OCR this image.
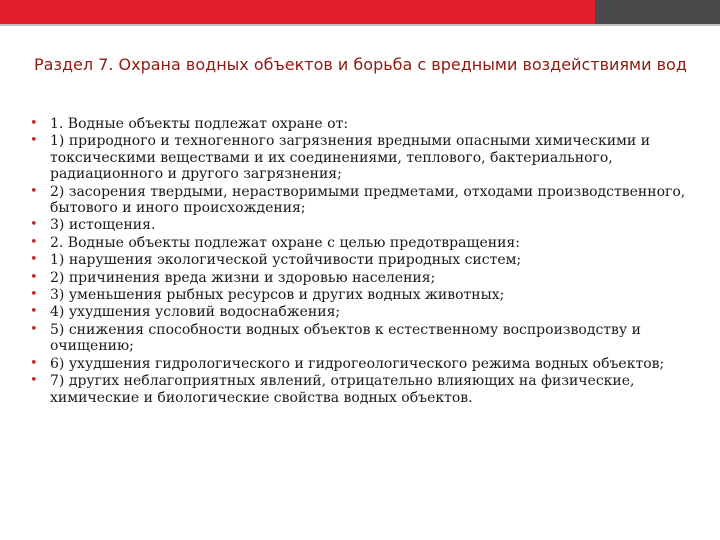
Раздел 7. Охрана водных объектов и борьба с вредными воздействиями вод
• 1. Водные объекты подлежат охране от:
• 1) природного и техногенного загрязнения вредными опасными химическими и токсическими веществами и их соединениями, теплового, бактериального, радиационного и другого загрязнения;
• 2) засорения твердыми, нерастворимыми предметами, отходами производственного, бытового и иного происхождения;
• 3) истощения.
• 2. Водные объекты подлежат охране с целью предотвращения:
• 1) нарушения экологической устойчивости природных систем;
• 2) причинения вреда жизни и здоровью населения;
• 3) уменьшения рыбных ресурсов и других водных животных;
• 4) ухудшения условий водоснабжения;
• 5) снижения способности водных объектов к естественному воспроизводству и очищению;
• 6) ухудшения гидрологического и гидрогеологического режима водных объектов;
• 7) других неблагоприятных явлений, отрицательно влияющих на физические, химические и биологические свойства водных объектов.
